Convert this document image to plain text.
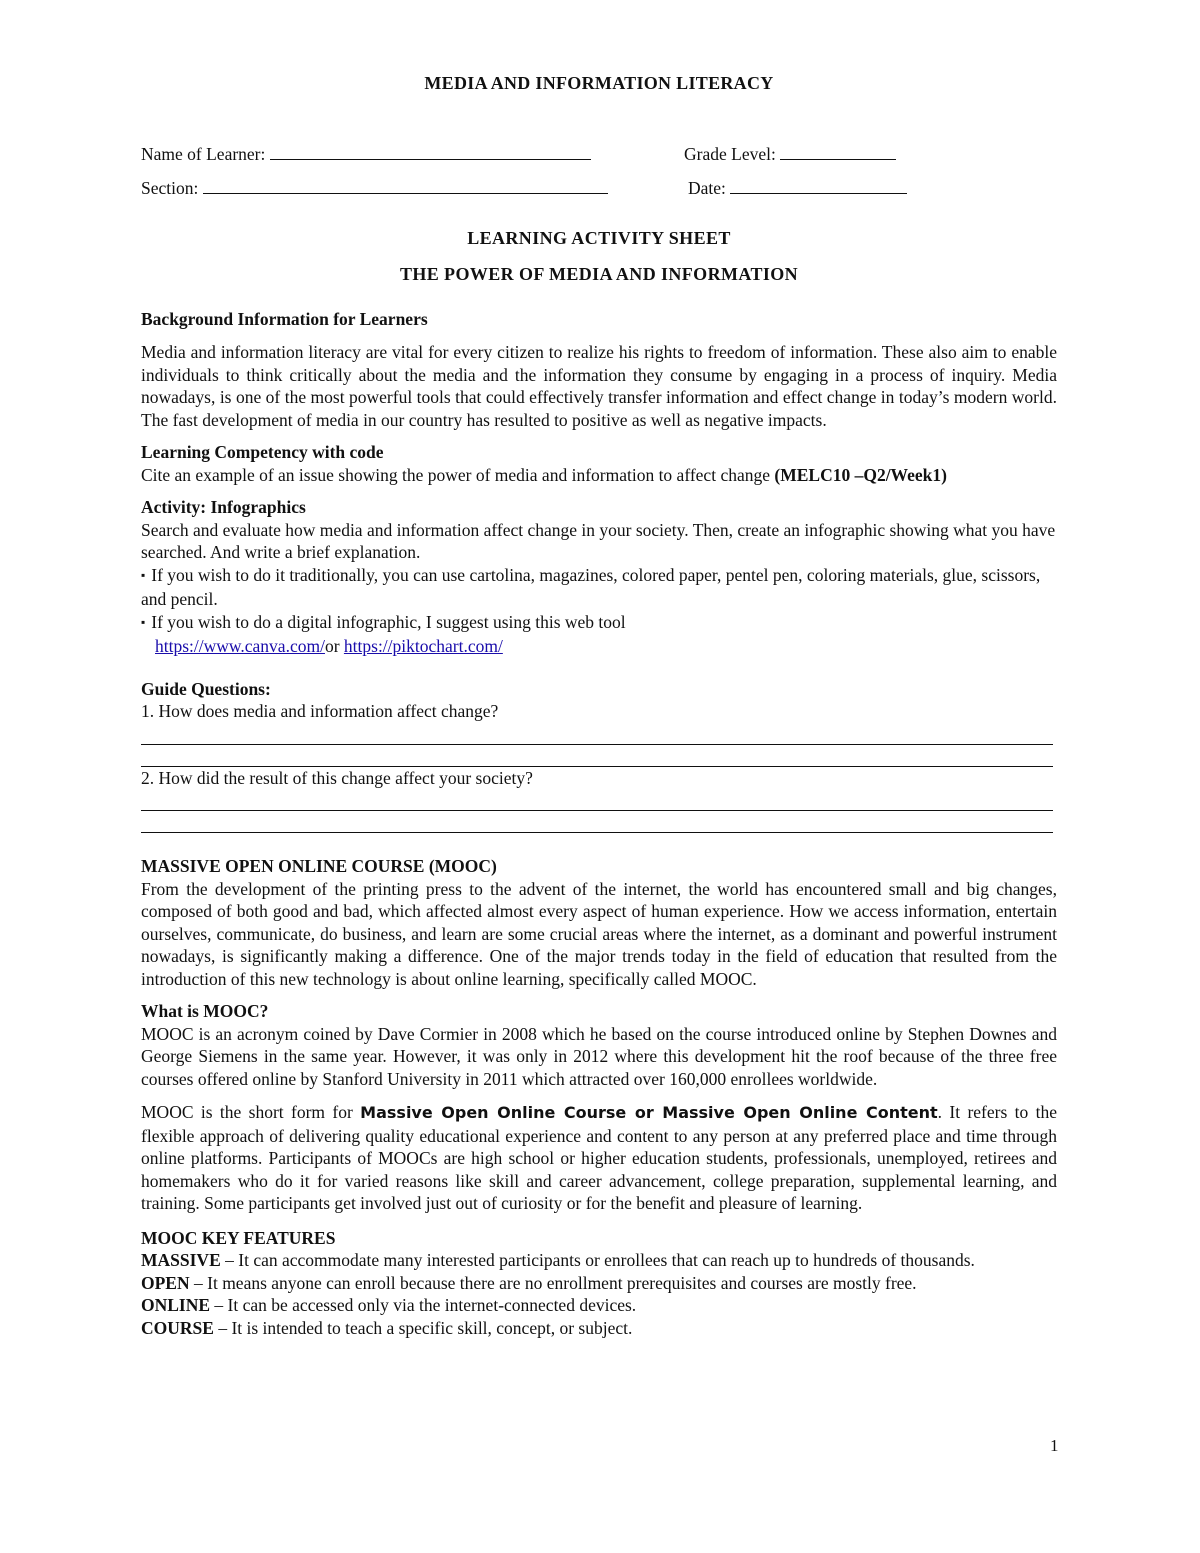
MEDIA AND INFORMATION LITERACY

Name of Learner:	Grade Level:
Section:	Date:

LEARNING ACTIVITY SHEET

THE POWER OF MEDIA AND INFORMATION

Background Information for Learners

Media and information literacy are vital for every citizen to realize his rights to freedom of information. These also aim to enable individuals to think critically about the media and the information they consume by engaging in a process of inquiry. Media nowadays, is one of the most powerful tools that could effectively transfer information and effect change in today’s modern world. The fast development of media in our country has resulted to positive as well as negative impacts.

Learning Competency with code

Cite an example of an issue showing the power of media and information to affect change (MELC10 –Q2/Week1)

Activity: Infographics

Search and evaluate how media and information affect change in your society. Then, create an infographic showing what you have searched. And write a brief explanation.

▪ If you wish to do it traditionally, you can use cartolina, magazines, colored paper, pentel pen, coloring materials, glue, scissors, and pencil.

▪ If you wish to do a digital infographic, I suggest using this web tool

https://www.canva.com/or https://piktochart.com/

Guide Questions:

1. How does media and information affect change?

2. How did the result of this change affect your society?

MASSIVE OPEN ONLINE COURSE (MOOC)

From the development of the printing press to the advent of the internet, the world has encountered small and big changes, composed of both good and bad, which affected almost every aspect of human experience. How we access information, entertain ourselves, communicate, do business, and learn are some crucial areas where the internet, as a dominant and powerful instrument nowadays, is significantly making a difference. One of the major trends today in the field of education that resulted from the introduction of this new technology is about online learning, specifically called MOOC.

What is MOOC?

MOOC is an acronym coined by Dave Cormier in 2008 which he based on the course introduced online by Stephen Downes and George Siemens in the same year. However, it was only in 2012 where this development hit the roof because of the three free courses offered online by Stanford University in 2011 which attracted over 160,000 enrollees worldwide.

MOOC is the short form for Massive Open Online Course or Massive Open Online Content. It refers to the flexible approach of delivering quality educational experience and content to any person at any preferred place and time through online platforms. Participants of MOOCs are high school or higher education students, professionals, unemployed, retirees and homemakers who do it for varied reasons like skill and career advancement, college preparation, supplemental learning, and training. Some participants get involved just out of curiosity or for the benefit and pleasure of learning.

MOOC KEY FEATURES

MASSIVE – It can accommodate many interested participants or enrollees that can reach up to hundreds of thousands.

OPEN – It means anyone can enroll because there are no enrollment prerequisites and courses are mostly free.

ONLINE – It can be accessed only via the internet-connected devices.

COURSE – It is intended to teach a specific skill, concept, or subject.

1
